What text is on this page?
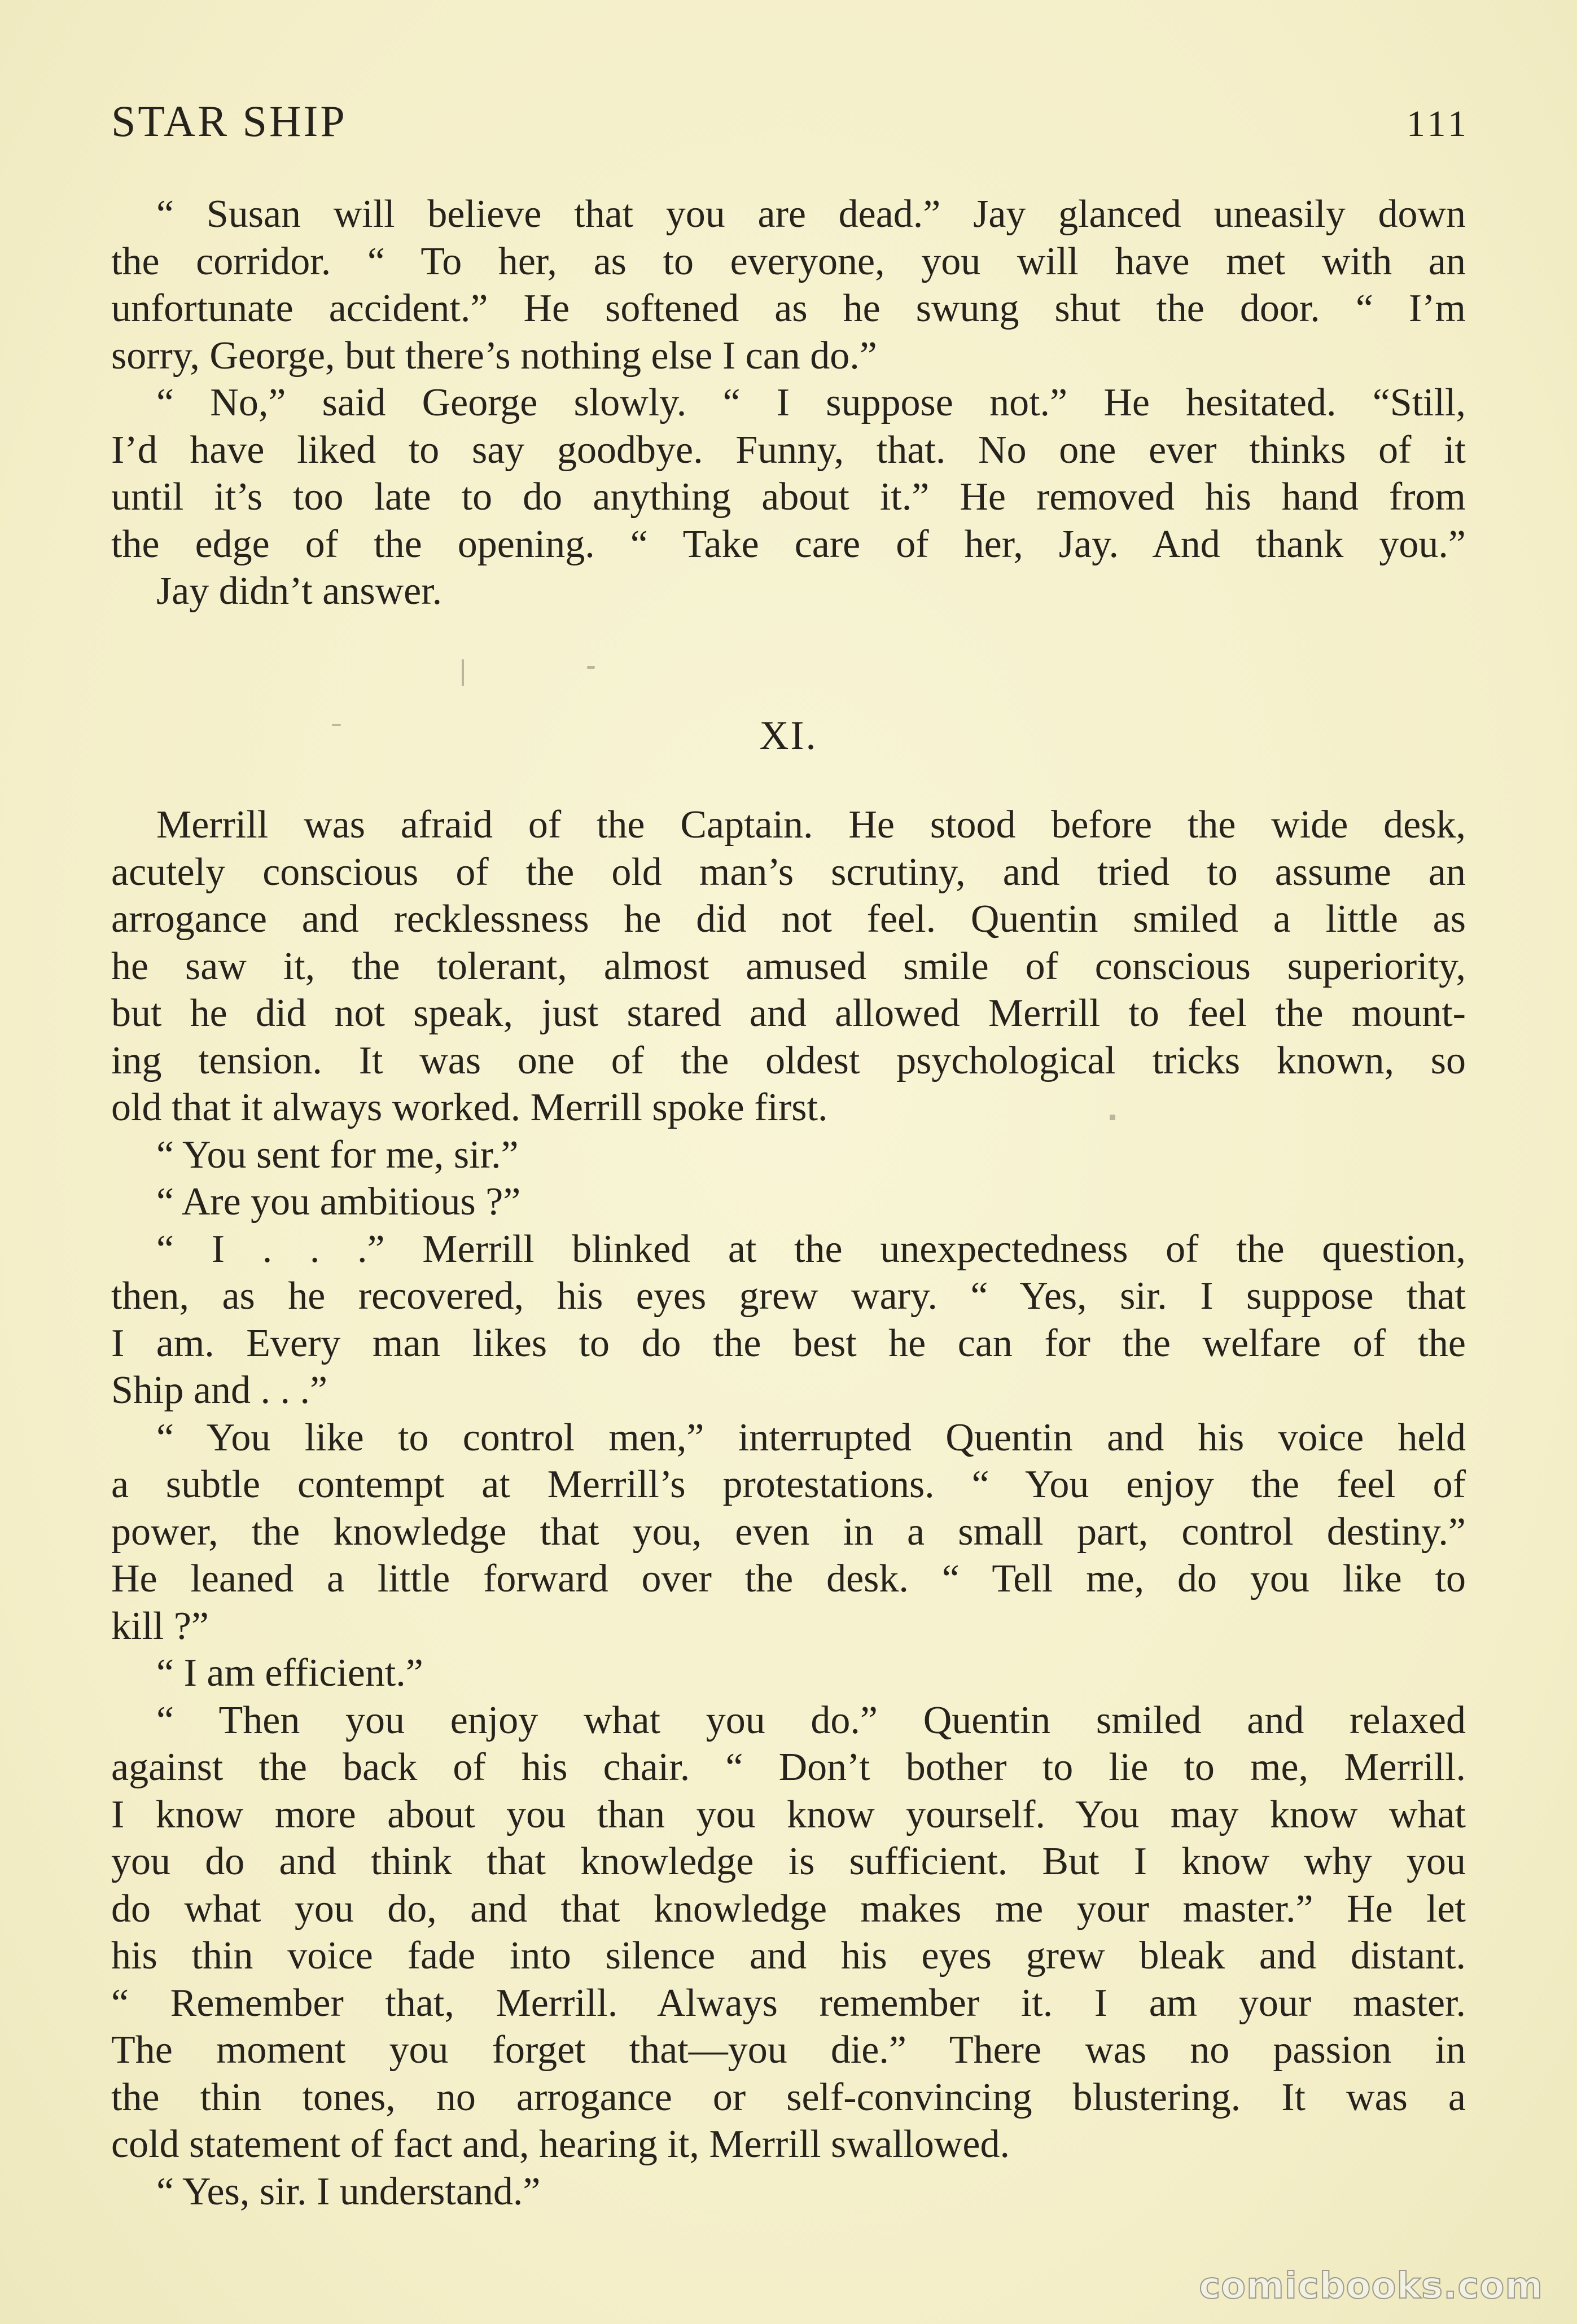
STAR SHIP	111
“ Susan will believe that you are dead.” Jay glanced uneasily down
the corridor. “ To her, as to everyone, you will have met with an
unfortunate accident.” He softened as he swung shut the door. “ I’m
sorry, George, but there’s nothing else I can do.”
“ No,” said George slowly. “ I suppose not.” He hesitated. “Still,
I’d have liked to say goodbye. Funny, that. No one ever thinks of it
until it’s too late to do anything about it.” He removed his hand from
the edge of the opening. “ Take care of her, Jay. And thank you.”
Jay didn’t answer.
XI.
Merrill was afraid of the Captain. He stood before the wide desk,
acutely conscious of the old man’s scrutiny, and tried to assume an
arrogance and recklessness he did not feel. Quentin smiled a little as
he saw it, the tolerant, almost amused smile of conscious superiority,
but he did not speak, just stared and allowed Merrill to feel the mount-
ing tension. It was one of the oldest psychological tricks known, so
old that it always worked. Merrill spoke first.
“ You sent for me, sir.”
“ Are you ambitious ?”
“ I . . .” Merrill blinked at the unexpectedness of the question,
then, as he recovered, his eyes grew wary. “ Yes, sir. I suppose that
I am. Every man likes to do the best he can for the welfare of the
Ship and . . .”
“ You like to control men,” interrupted Quentin and his voice held
a subtle contempt at Merrill’s protestations. “ You enjoy the feel of
power, the knowledge that you, even in a small part, control destiny.”
He leaned a little forward over the desk. “ Tell me, do you like to
kill ?”
“ I am efficient.”
“ Then you enjoy what you do.” Quentin smiled and relaxed
against the back of his chair. “ Don’t bother to lie to me, Merrill.
I know more about you than you know yourself. You may know what
you do and think that knowledge is sufficient. But I know why you
do what you do, and that knowledge makes me your master.” He let
his thin voice fade into silence and his eyes grew bleak and distant.
“ Remember that, Merrill. Always remember it. I am your master.
The moment you forget that—you die.” There was no passion in
the thin tones, no arrogance or self-convincing blustering. It was a
cold statement of fact and, hearing it, Merrill swallowed.
“ Yes, sir. I understand.”
comicbooks.com
